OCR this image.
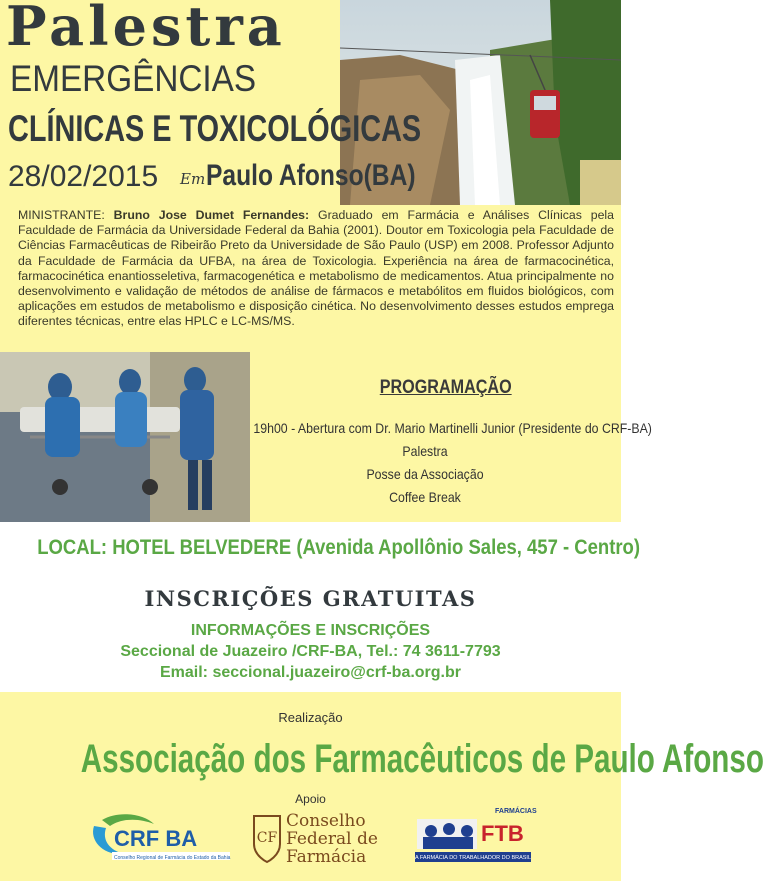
Palestra
EMERGÊNCIAS
CLÍNICAS E TOXICOLÓGICAS
28/02/2015 Em Paulo Afonso(BA)
MINISTRANTE: Bruno Jose Dumet Fernandes: Graduado em Farmácia e Análises Clínicas pela Faculdade de Farmácia da Universidade Federal da Bahia (2001). Doutor em Toxicologia pela Faculdade de Ciências Farmacêuticas de Ribeirão Preto da Universidade de São Paulo (USP) em 2008. Professor Adjunto da Faculdade de Farmácia da UFBA, na área de Toxicologia. Experiência na área de farmacocinética, farmacocinética enantiosseletiva, farmacogenética e metabolismo de medicamentos. Atua principalmente no desenvolvimento e validação de métodos de análise de fármacos e metabólitos em fluidos biológicos, com aplicações em estudos de metabolismo e disposição cinética. No desenvolvimento desses estudos emprega diferentes técnicas, entre elas HPLC e LC-MS/MS.
PROGRAMAÇÃO
19h00 - Abertura com Dr. Mario Martinelli Junior (Presidente do CRF-BA)
Palestra
Posse da Associação
Coffee Break
LOCAL: HOTEL BELVEDERE (Avenida Apollônio Sales, 457 - Centro)
INSCRIÇÕES GRATUITAS
INFORMAÇÕES E INSCRIÇÕES
Seccional de Juazeiro /CRF-BA, Tel.: 74 3611-7793
Email: seccional.juazeiro@crf-ba.org.br
Realização
Associação dos Farmacêuticos de Paulo Afonso
Apoio
CRF BA
Conselho Regional de Farmácia do Estado da Bahia
CF
Conselho
Federal de
Farmácia
FARMÁCIAS
FTB
A FARMÁCIA DO TRABALHADOR DO BRASIL
